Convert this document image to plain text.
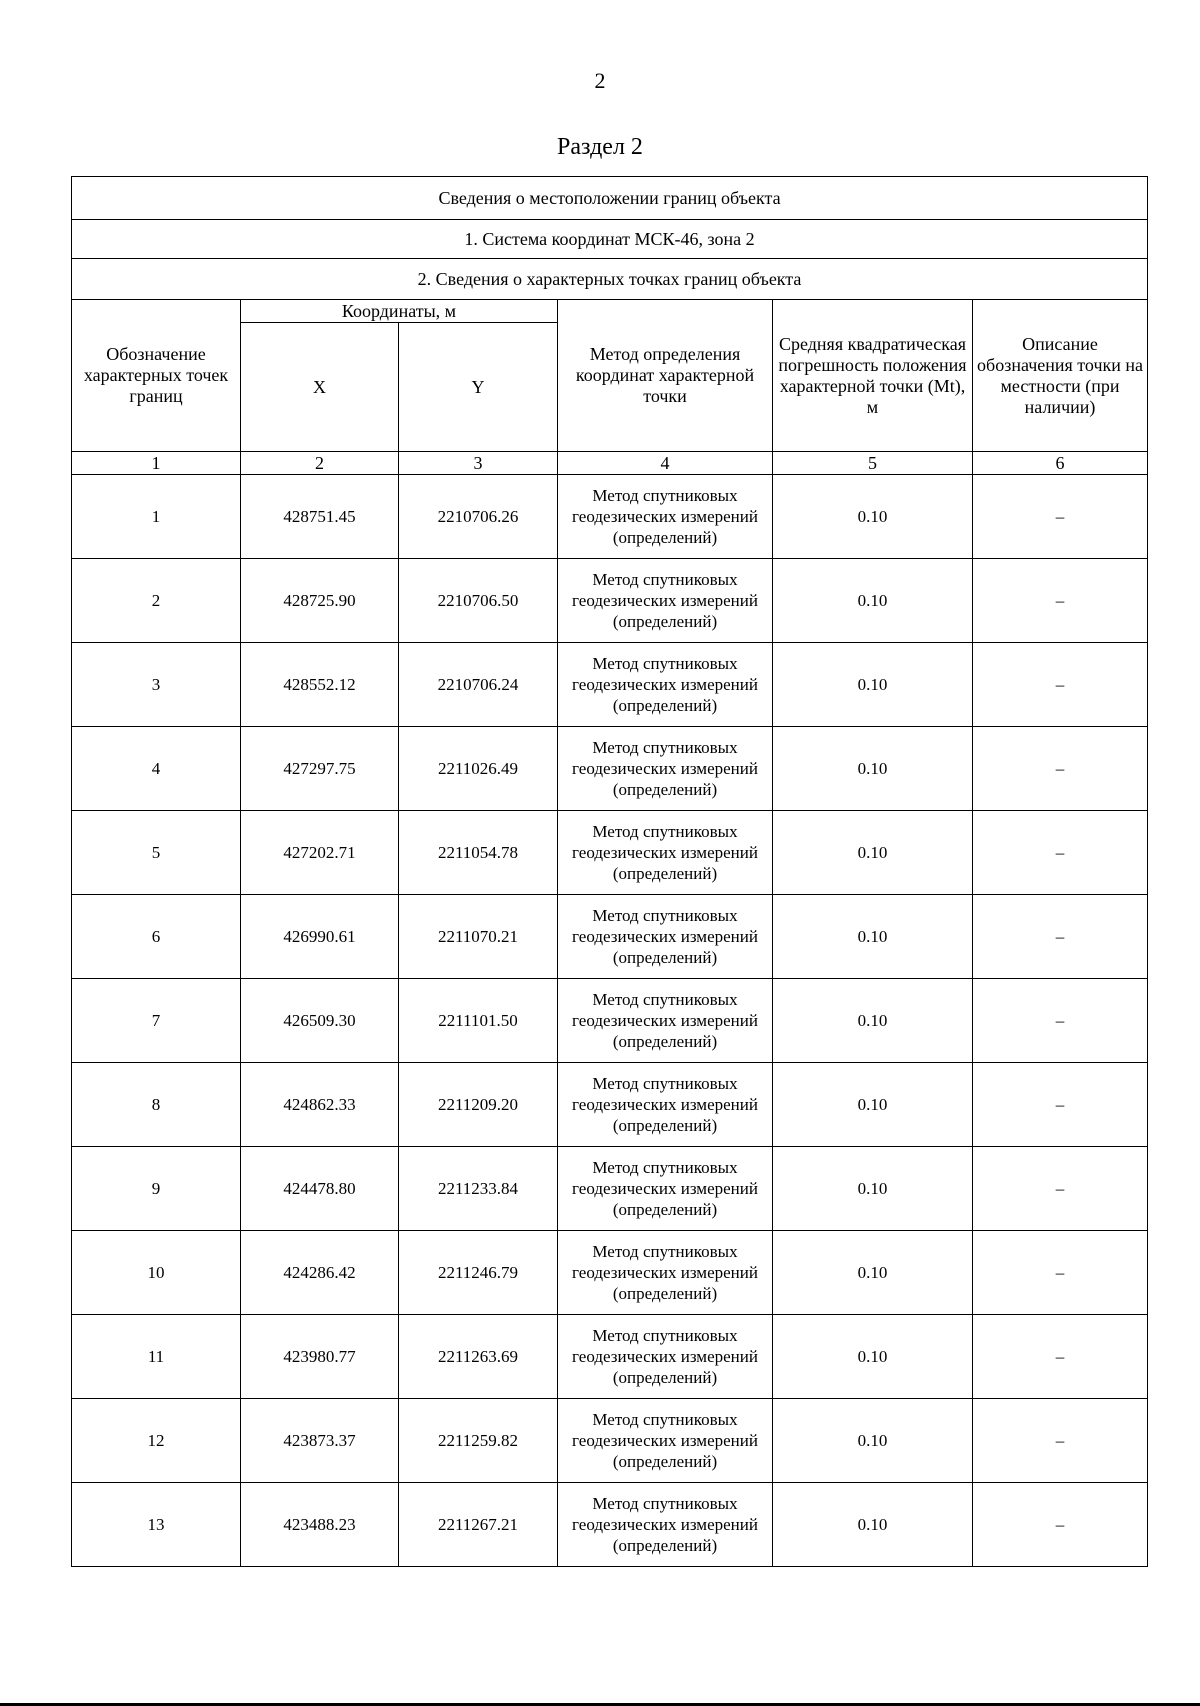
2
Раздел 2
Сведения о местоположении границ объекта					
1. Система координат МСК-46, зона 2					
2. Сведения о характерных точках границ объекта					
Обозначение характерных точек границ	Координаты, м		Метод определения координат характерной точки	Средняя квадратическая погрешность положения характерной точки (Mt), м	Описание обозначения точки на местности (при наличии)
	X	Y			
1	2	3	4	5	6
1	428751.45	2210706.26	Метод спутниковых геодезических измерений (определений)	0.10	–
2	428725.90	2210706.50	Метод спутниковых геодезических измерений (определений)	0.10	–
3	428552.12	2210706.24	Метод спутниковых геодезических измерений (определений)	0.10	–
4	427297.75	2211026.49	Метод спутниковых геодезических измерений (определений)	0.10	–
5	427202.71	2211054.78	Метод спутниковых геодезических измерений (определений)	0.10	–
6	426990.61	2211070.21	Метод спутниковых геодезических измерений (определений)	0.10	–
7	426509.30	2211101.50	Метод спутниковых геодезических измерений (определений)	0.10	–
8	424862.33	2211209.20	Метод спутниковых геодезических измерений (определений)	0.10	–
9	424478.80	2211233.84	Метод спутниковых геодезических измерений (определений)	0.10	–
10	424286.42	2211246.79	Метод спутниковых геодезических измерений (определений)	0.10	–
11	423980.77	2211263.69	Метод спутниковых геодезических измерений (определений)	0.10	–
12	423873.37	2211259.82	Метод спутниковых геодезических измерений (определений)	0.10	–
13	423488.23	2211267.21	Метод спутниковых геодезических измерений (определений)	0.10	–
